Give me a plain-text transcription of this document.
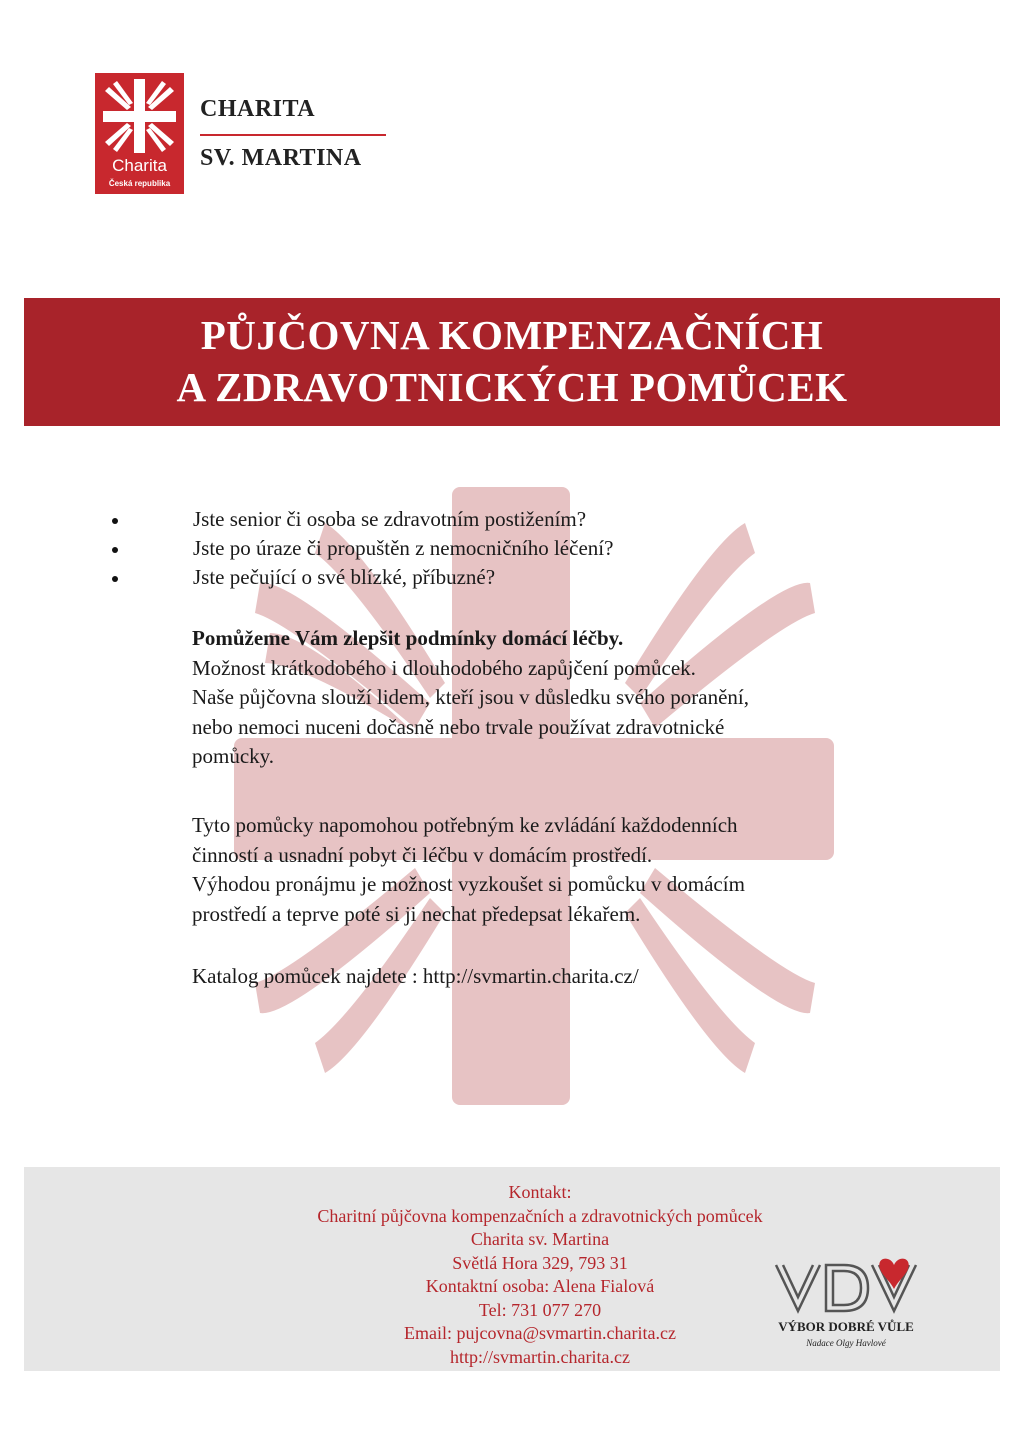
Charita
Česká republika
CHARITA
SV. MARTINA
PŮJČOVNA KOMPENZAČNÍCH
A ZDRAVOTNICKÝCH POMŮCEK
Jste senior či osoba se zdravotním postižením?
Jste po úraze či propuštěn z nemocničního léčení?
Jste pečující o své blízké, příbuzné?
Pomůžeme Vám zlepšit podmínky domácí léčby.
Možnost krátkodobého i dlouhodobého zapůjčení pomůcek.
Naše půjčovna slouží lidem, kteří jsou v důsledku svého poranění,
nebo nemoci nuceni dočasně nebo trvale používat zdravotnické
pomůcky.
Tyto pomůcky napomohou potřebným ke zvládání každodenních
činností a usnadní pobyt či léčbu v domácím prostředí.
Výhodou pronájmu je možnost vyzkoušet si pomůcku v domácím
prostředí a teprve poté si ji nechat předepsat lékařem.
Katalog pomůcek najdete : http://svmartin.charita.cz/
Kontakt:
Charitní půjčovna kompenzačních a zdravotnických pomůcek
Charita sv. Martina
Světlá Hora 329, 793 31
Kontaktní osoba: Alena Fialová
Tel: 731 077 270
Email: pujcovna@svmartin.charita.cz
http://svmartin.charita.cz
VÝBOR DOBRÉ VŮLE
Nadace Olgy Havlové
